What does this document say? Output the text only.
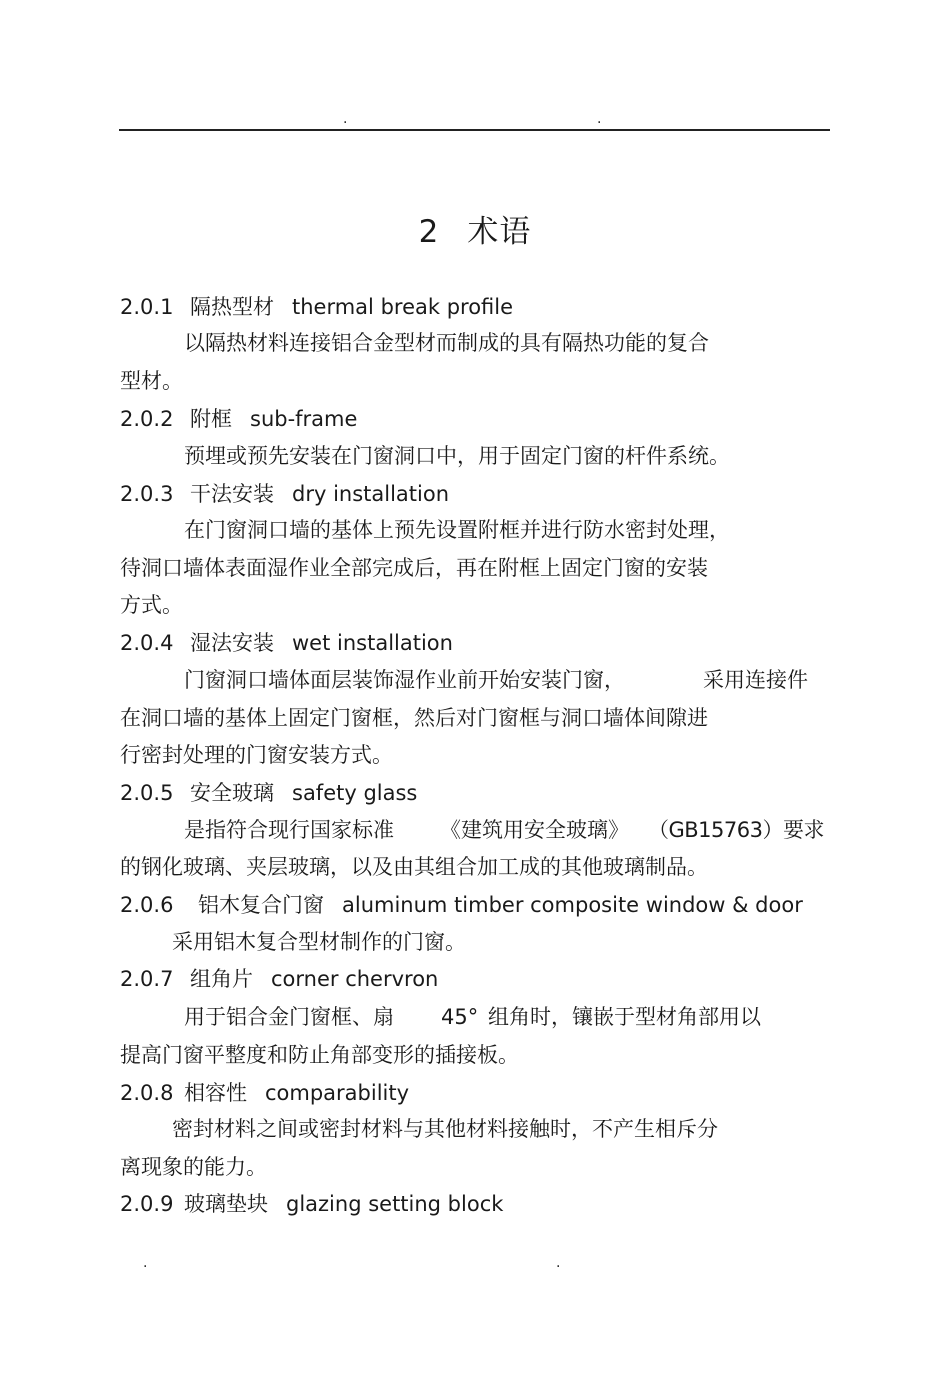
.	.
2 术语
2.0.1 隔热型材 thermal break profile
以隔热材料连接铝合金型材而制成的具有隔热功能的复合
型材。
2.0.2 附框 sub-frame
预埋或预先安装在门窗洞口中，用于固定门窗的杆件系统。
2.0.3 干法安装 dry installation
在门窗洞口墙的基体上预先设置附框并进行防水密封处理，
待洞口墙体表面湿作业全部完成后，再在附框上固定门窗的安装
方式。
2.0.4 湿法安装 wet installation
门窗洞口墙体面层装饰湿作业前开始安装门窗，	采用连接件
在洞口墙的基体上固定门窗框，然后对门窗框与洞口墙体间隙进
行密封处理的门窗安装方式。
2.0.5 安全玻璃 safety glass
是指符合现行国家标准 《建筑用安全玻璃》 （GB15763）要求
的钢化玻璃、夹层玻璃，以及由其组合加工成的其他玻璃制品。
2.0.6 铝木复合门窗 aluminum timber composite window & door
采用铝木复合型材制作的门窗。
2.0.7 组角片 corner chervron
用于铝合金门窗框、扇 45° 组角时，镶嵌于型材角部用以
提高门窗平整度和防止角部变形的插接板。
2.0.8 相容性 comparability
密封材料之间或密封材料与其他材料接触时，不产生相斥分
离现象的能力。
2.0.9 玻璃垫块 glazing setting block
.	.
